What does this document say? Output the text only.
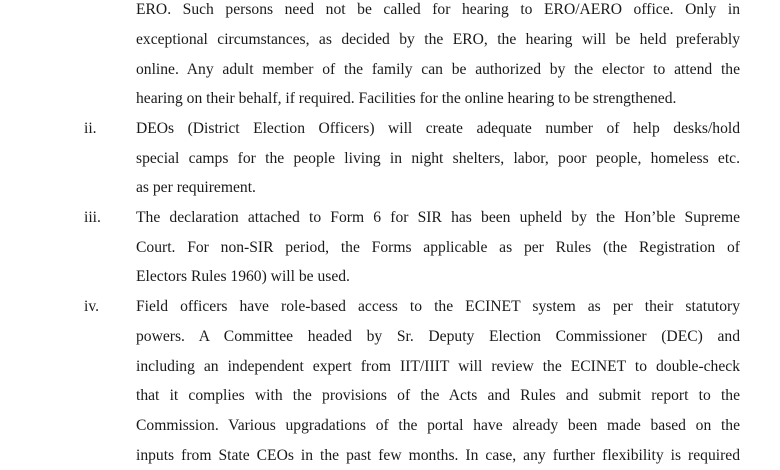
ERO. Such persons need not be called for hearing to ERO/AERO office. Only in
exceptional circumstances, as decided by the ERO, the hearing will be held preferably
online. Any adult member of the family can be authorized by the elector to attend the
hearing on their behalf, if required. Facilities for the online hearing to be strengthened.
ii.	DEOs (District Election Officers) will create adequate number of help desks/hold
special camps for the people living in night shelters, labor, poor people, homeless etc.
as per requirement.
iii. The declaration attached to Form 6 for SIR has been upheld by the Hon’ble Supreme
Court. For non-SIR period, the Forms applicable as per Rules (the Registration of
Electors Rules 1960) will be used.
iv. Field officers have role-based access to the ECINET system as per their statutory
powers. A Committee headed by Sr. Deputy Election Commissioner (DEC) and
including an independent expert from IIT/IIIT will review the ECINET to double-check
that it complies with the provisions of the Acts and Rules and submit report to the
Commission. Various upgradations of the portal have already been made based on the
inputs from State CEOs in the past few months. In case, any further flexibility is required
